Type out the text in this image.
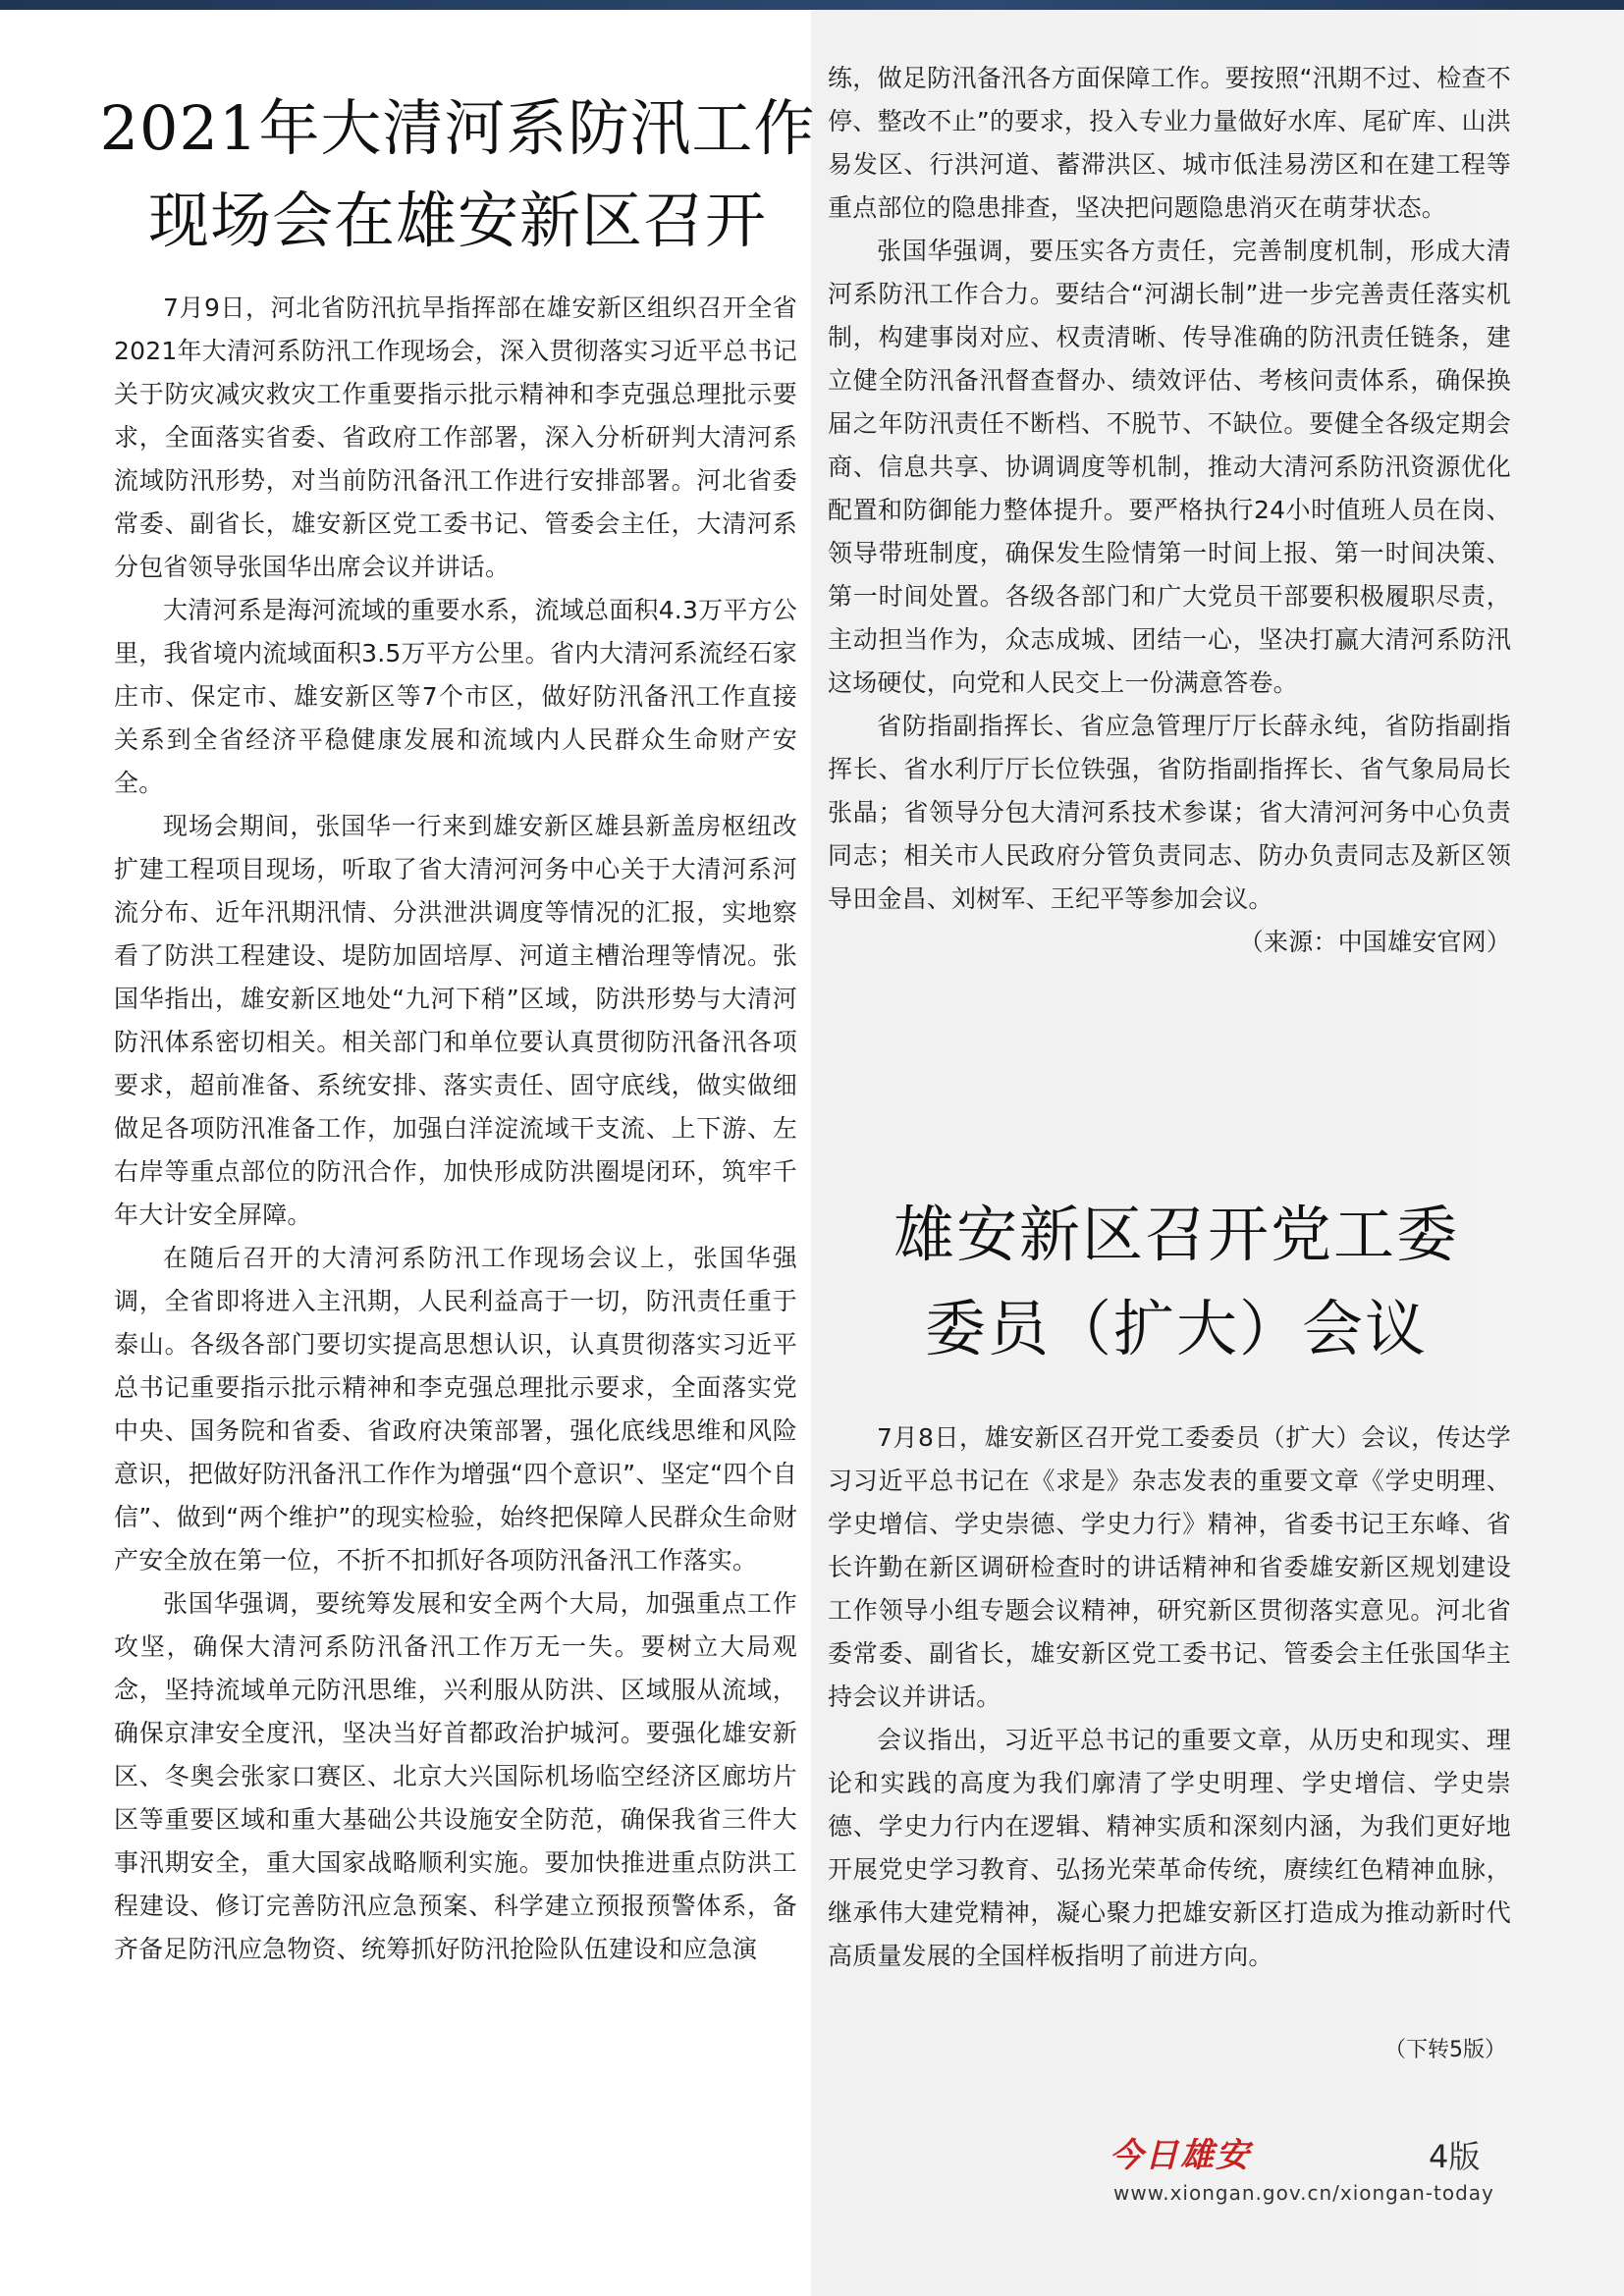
2021年大清河系防汛工作
现场会在雄安新区召开

7月9日，河北省防汛抗旱指挥部在雄安新区组织召开全省2021年大清河系防汛工作现场会，深入贯彻落实习近平总书记关于防灾减灾救灾工作重要指示批示精神和李克强总理批示要求，全面落实省委、省政府工作部署，深入分析研判大清河系流域防汛形势，对当前防汛备汛工作进行安排部署。河北省委常委、副省长，雄安新区党工委书记、管委会主任，大清河系分包省领导张国华出席会议并讲话。

大清河系是海河流域的重要水系，流域总面积4.3万平方公里，我省境内流域面积3.5万平方公里。省内大清河系流经石家庄市、保定市、雄安新区等7个市区，做好防汛备汛工作直接关系到全省经济平稳健康发展和流域内人民群众生命财产安全。

现场会期间，张国华一行来到雄安新区雄县新盖房枢纽改扩建工程项目现场，听取了省大清河河务中心关于大清河系河流分布、近年汛期汛情、分洪泄洪调度等情况的汇报，实地察看了防洪工程建设、堤防加固培厚、河道主槽治理等情况。张国华指出，雄安新区地处“九河下稍”区域，防洪形势与大清河防汛体系密切相关。相关部门和单位要认真贯彻防汛备汛各项要求，超前准备、系统安排、落实责任、固守底线，做实做细做足各项防汛准备工作，加强白洋淀流域干支流、上下游、左右岸等重点部位的防汛合作，加快形成防洪圈堤闭环，筑牢千年大计安全屏障。

在随后召开的大清河系防汛工作现场会议上，张国华强调，全省即将进入主汛期，人民利益高于一切，防汛责任重于泰山。各级各部门要切实提高思想认识，认真贯彻落实习近平总书记重要指示批示精神和李克强总理批示要求，全面落实党中央、国务院和省委、省政府决策部署，强化底线思维和风险意识，把做好防汛备汛工作作为增强“四个意识”、坚定“四个自信”、做到“两个维护”的现实检验，始终把保障人民群众生命财产安全放在第一位，不折不扣抓好各项防汛备汛工作落实。

张国华强调，要统筹发展和安全两个大局，加强重点工作攻坚，确保大清河系防汛备汛工作万无一失。要树立大局观念，坚持流域单元防汛思维，兴利服从防洪、区域服从流域，确保京津安全度汛，坚决当好首都政治护城河。要强化雄安新区、冬奥会张家口赛区、北京大兴国际机场临空经济区廊坊片区等重要区域和重大基础公共设施安全防范，确保我省三件大事汛期安全，重大国家战略顺利实施。要加快推进重点防洪工程建设、修订完善防汛应急预案、科学建立预报预警体系，备齐备足防汛应急物资、统筹抓好防汛抢险队伍建设和应急演

练，做足防汛备汛各方面保障工作。要按照“汛期不过、检查不停、整改不止”的要求，投入专业力量做好水库、尾矿库、山洪易发区、行洪河道、蓄滞洪区、城市低洼易涝区和在建工程等重点部位的隐患排查，坚决把问题隐患消灭在萌芽状态。

张国华强调，要压实各方责任，完善制度机制，形成大清河系防汛工作合力。要结合“河湖长制”进一步完善责任落实机制，构建事岗对应、权责清晰、传导准确的防汛责任链条，建立健全防汛备汛督查督办、绩效评估、考核问责体系，确保换届之年防汛责任不断档、不脱节、不缺位。要健全各级定期会商、信息共享、协调调度等机制，推动大清河系防汛资源优化配置和防御能力整体提升。要严格执行24小时值班人员在岗、领导带班制度，确保发生险情第一时间上报、第一时间决策、第一时间处置。各级各部门和广大党员干部要积极履职尽责，主动担当作为，众志成城、团结一心，坚决打赢大清河系防汛这场硬仗，向党和人民交上一份满意答卷。

省防指副指挥长、省应急管理厅厅长薛永纯，省防指副指挥长、省水利厅厅长位铁强，省防指副指挥长、省气象局局长张晶；省领导分包大清河系技术参谋；省大清河河务中心负责同志；相关市人民政府分管负责同志、防办负责同志及新区领导田金昌、刘树军、王纪平等参加会议。

（来源：中国雄安官网）

雄安新区召开党工委
委员（扩大）会议

7月8日，雄安新区召开党工委委员（扩大）会议，传达学习习近平总书记在《求是》杂志发表的重要文章《学史明理、学史增信、学史崇德、学史力行》精神，省委书记王东峰、省长许勤在新区调研检查时的讲话精神和省委雄安新区规划建设工作领导小组专题会议精神，研究新区贯彻落实意见。河北省委常委、副省长，雄安新区党工委书记、管委会主任张国华主持会议并讲话。

会议指出，习近平总书记的重要文章，从历史和现实、理论和实践的高度为我们廓清了学史明理、学史增信、学史崇德、学史力行内在逻辑、精神实质和深刻内涵，为我们更好地开展党史学习教育、弘扬光荣革命传统，赓续红色精神血脉，继承伟大建党精神，凝心聚力把雄安新区打造成为推动新时代高质量发展的全国样板指明了前进方向。

（下转5版）
今日雄安	4版
www.xiongan.gov.cn/xiongan-today
